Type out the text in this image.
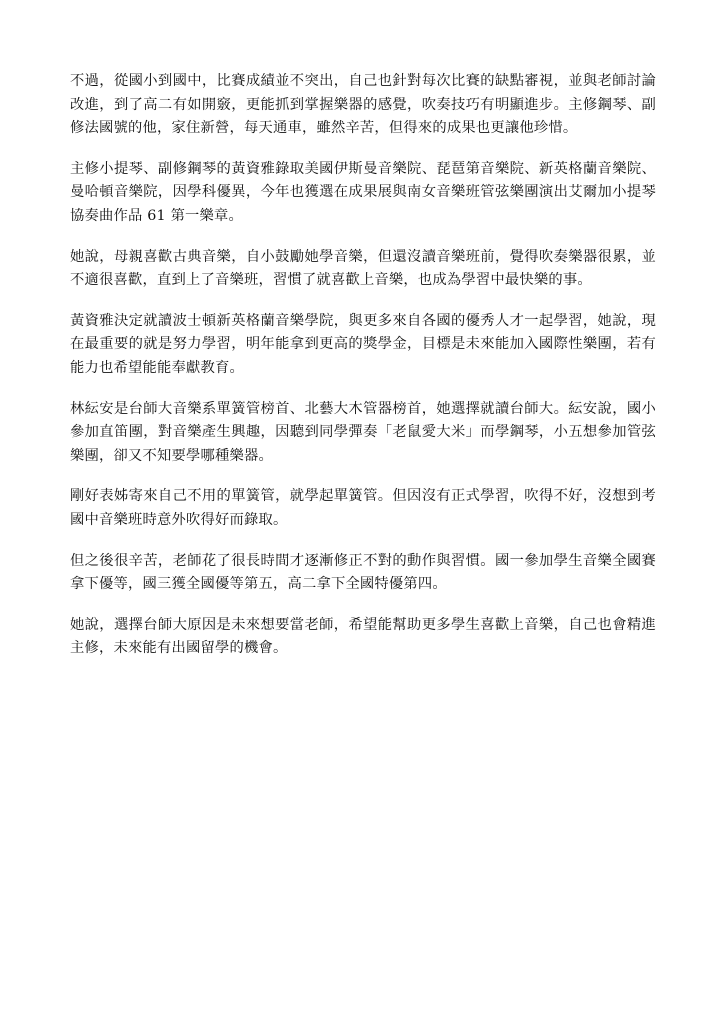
不過，從國小到國中，比賽成績並不突出，自己也針對每次比賽的缺點審視，並與老師討論改進，到了高二有如開竅，更能抓到掌握樂器的感覺，吹奏技巧有明顯進步。主修鋼琴、副修法國號的他，家住新營，每天通車，雖然辛苦，但得來的成果也更讓他珍惜。

主修小提琴、副修鋼琴的黃資雅錄取美國伊斯曼音樂院、琵琶第音樂院、新英格蘭音樂院、曼哈頓音樂院，因學科優異，今年也獲選在成果展與南女音樂班管弦樂團演出艾爾加小提琴協奏曲作品 61 第一樂章。

她說，母親喜歡古典音樂，自小鼓勵她學音樂，但還沒讀音樂班前，覺得吹奏樂器很累，並不適很喜歡，直到上了音樂班，習慣了就喜歡上音樂，也成為學習中最快樂的事。

黃資雅決定就讀波士頓新英格蘭音樂學院，與更多來自各國的優秀人才一起學習，她說，現在最重要的就是努力學習，明年能拿到更高的獎學金，目標是未來能加入國際性樂團，若有能力也希望能能奉獻教育。

林紜安是台師大音樂系單簧管榜首、北藝大木管器榜首，她選擇就讀台師大。紜安說，國小參加直笛團，對音樂產生興趣，因聽到同學彈奏「老鼠愛大米」而學鋼琴，小五想參加管弦樂團，卻又不知要學哪種樂器。

剛好表姊寄來自己不用的單簧管，就學起單簧管。但因沒有正式學習，吹得不好，沒想到考國中音樂班時意外吹得好而錄取。

但之後很辛苦，老師花了很長時間才逐漸修正不對的動作與習慣。國一參加學生音樂全國賽拿下優等，國三獲全國優等第五，高二拿下全國特優第四。

她說，選擇台師大原因是未來想要當老師，希望能幫助更多學生喜歡上音樂，自己也會精進主修，未來能有出國留學的機會。
